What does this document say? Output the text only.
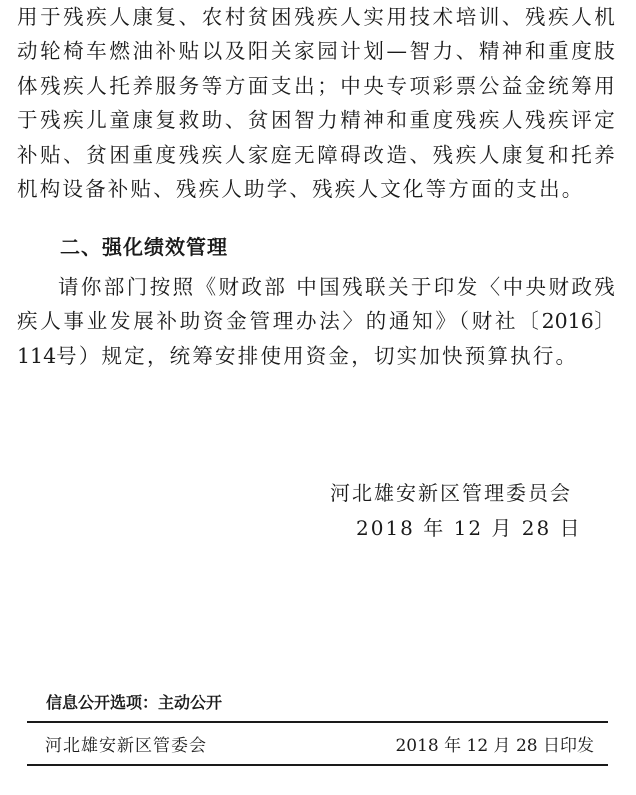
用于残疾人康复、农村贫困残疾人实用技术培训、残疾人机动轮椅车燃油补贴以及阳关家园计划—智力、精神和重度肢体残疾人托养服务等方面支出；中央专项彩票公益金统筹用于残疾儿童康复救助、贫困智力精神和重度残疾人残疾评定补贴、贫困重度残疾人家庭无障碍改造、残疾人康复和托养机构设备补贴、残疾人助学、残疾人文化等方面的支出。

二、强化绩效管理

请你部门按照《财政部 中国残联关于印发〈中央财政残疾人事业发展补助资金管理办法〉的通知》（财社〔2016〕114号）规定，统筹安排使用资金，切实加快预算执行。

河北雄安新区管理委员会
2018 年 12 月 28 日
信息公开选项：主动公开
河北雄安新区管委会	2018 年 12 月 28 日印发
